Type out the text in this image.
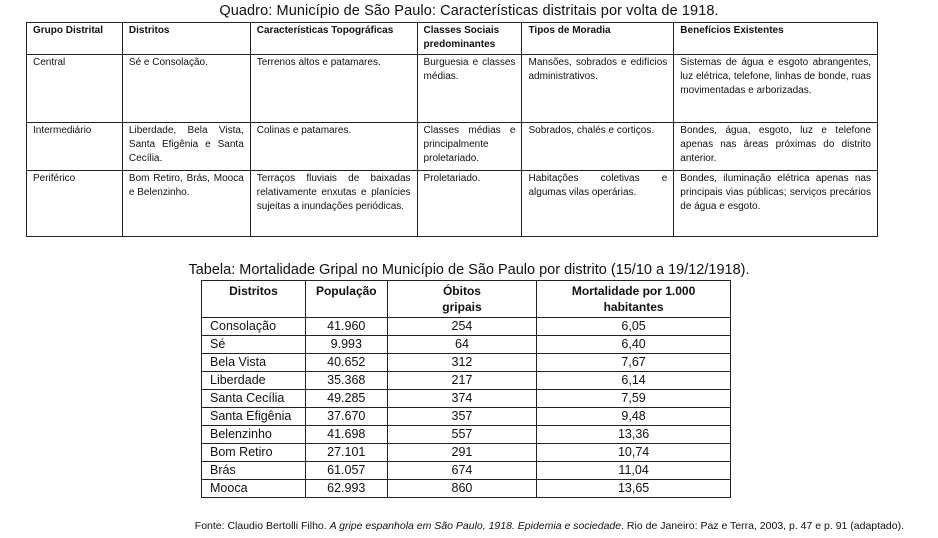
Quadro: Município de São Paulo: Características distritais por volta de 1918.
Grupo Distrital	Distritos	Características Topográficas	Classes Sociais predominantes	Tipos de Moradia	Benefícios Existentes
Central	Sé e Consolação.	Terrenos altos e patamares.	Burguesia e classes médias.	Mansões, sobrados e edifícios administrativos.	Sistemas de água e esgoto abrangentes, luz elétrica, telefone, linhas de bonde, ruas movimentadas e arborizadas.
Intermediário	Liberdade, Bela Vista, Santa Efigênia e Santa Cecília.	Colinas e patamares.	Classes médias e principalmente proletariado.	Sobrados, chalés e cortiços.	Bondes, água, esgoto, luz e telefone apenas nas áreas próximas do distrito anterior.
Periférico	Bom Retiro, Brás, Mooca e Belenzinho.	Terraços fluviais de baixadas relativamente enxutas e planícies sujeitas a inundações periódicas.	Proletariado.	Habitações coletivas e algumas vilas operárias.	Bondes, iluminação elétrica apenas nas principais vias públicas; serviços precários de água e esgoto.
Tabela: Mortalidade Gripal no Município de São Paulo por distrito (15/10 a 19/12/1918).
Distritos	População	Óbitos gripais	Mortalidade por 1.000 habitantes

Consolação	41.960	254	6,05
Sé	9.993	64	6,40
Bela Vista	40.652	312	7,67
Liberdade	35.368	217	6,14
Santa Cecília	49.285	374	7,59
Santa Efigênia	37.670	357	9,48
Belenzinho	41.698	557	13,36
Bom Retiro	27.101	291	10,74
Brás	61.057	674	11,04
Mooca	62.993	860	13,65
Fonte: Claudio Bertolli Filho. A gripe espanhola em São Paulo, 1918. Epidemia e sociedade. Rio de Janeiro: Paz e Terra, 2003, p. 47 e p. 91 (adaptado).
